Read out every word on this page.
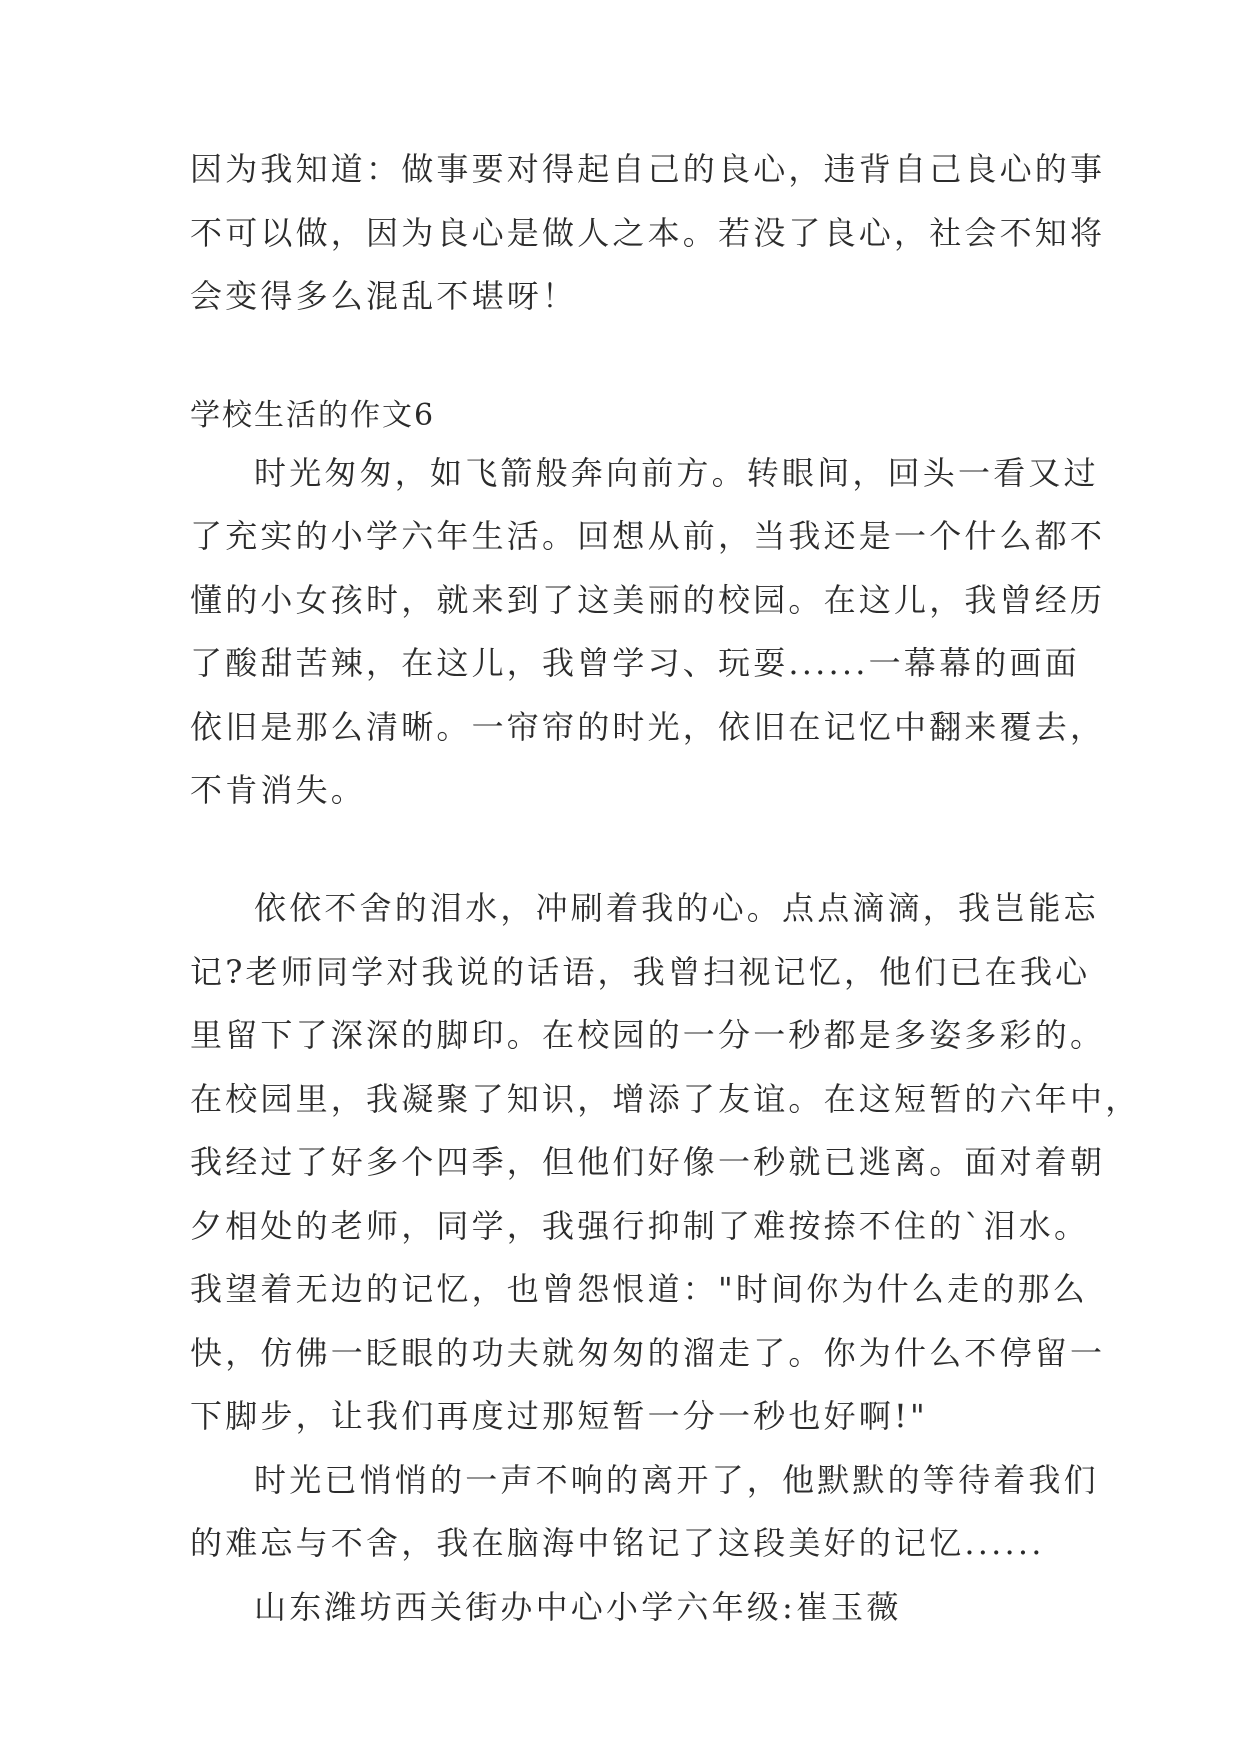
因为我知道：做事要对得起自己的良心，违背自己良心的事
不可以做，因为良心是做人之本。若没了良心，社会不知将
会变得多么混乱不堪呀！
学校生活的作文6
时光匆匆，如飞箭般奔向前方。转眼间，回头一看又过
了充实的小学六年生活。回想从前，当我还是一个什么都不
懂的小女孩时，就来到了这美丽的校园。在这儿，我曾经历
了酸甜苦辣，在这儿，我曾学习、玩耍......一幕幕的画面
依旧是那么清晰。一帘帘的时光，依旧在记忆中翻来覆去，
不肯消失。
依依不舍的泪水，冲刷着我的心。点点滴滴，我岂能忘
记?老师同学对我说的话语，我曾扫视记忆，他们已在我心
里留下了深深的脚印。在校园的一分一秒都是多姿多彩的。
在校园里，我凝聚了知识，增添了友谊。在这短暂的六年中，
我经过了好多个四季，但他们好像一秒就已逃离。面对着朝
夕相处的老师，同学，我强行抑制了难按捺不住的`泪水。
我望着无边的记忆，也曾怨恨道："时间你为什么走的那么
快，仿佛一眨眼的功夫就匆匆的溜走了。你为什么不停留一
下脚步，让我们再度过那短暂一分一秒也好啊!"
时光已悄悄的一声不响的离开了，他默默的等待着我们
的难忘与不舍，我在脑海中铭记了这段美好的记忆......
山东潍坊西关街办中心小学六年级:崔玉薇
